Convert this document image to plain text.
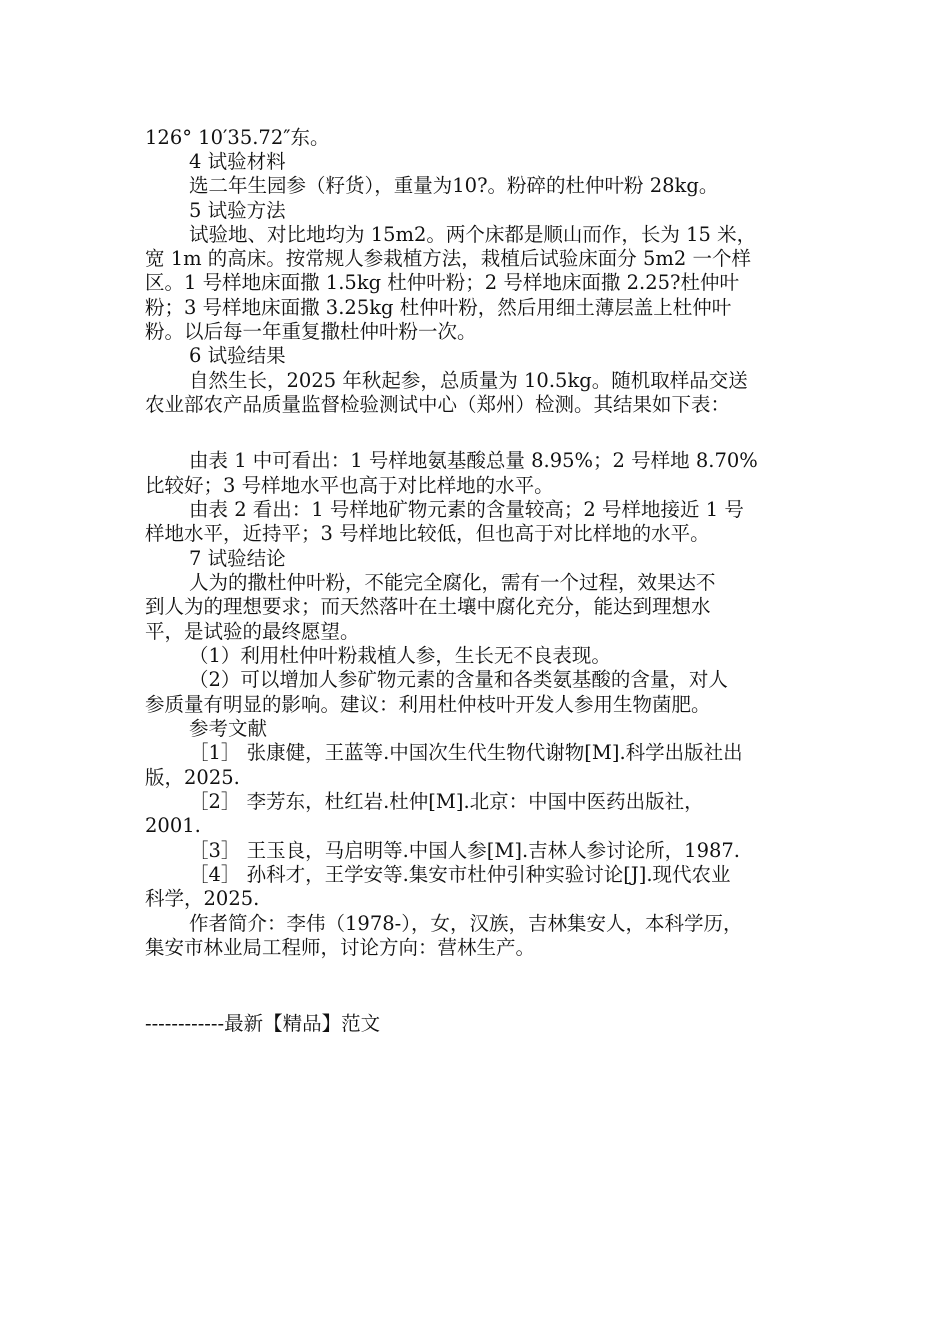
126° 10′35.72″东。
4 试验材料
选二年生园参（籽货），重量为10?。粉碎的杜仲叶粉 28kg。
5 试验方法
试验地、对比地均为 15m2。两个床都是顺山而作，长为 15 米，
宽 1m 的高床。按常规人参栽植方法，栽植后试验床面分 5m2 一个样
区。1 号样地床面撒 1.5kg 杜仲叶粉；2 号样地床面撒 2.25?杜仲叶
粉；3 号样地床面撒 3.25kg 杜仲叶粉，然后用细土薄层盖上杜仲叶
粉。以后每一年重复撒杜仲叶粉一次。
6 试验结果
自然生长，2025 年秋起参，总质量为 10.5kg。随机取样品交送
农业部农产品质量监督检验测试中心（郑州）检测。其结果如下表：
由表 1 中可看出：1 号样地氨基酸总量 8.95%；2 号样地 8.70%
比较好；3 号样地水平也高于对比样地的水平。
由表 2 看出：1 号样地矿物元素的含量较高；2 号样地接近 1 号
样地水平，近持平；3 号样地比较低，但也高于对比样地的水平。
7 试验结论
人为的撒杜仲叶粉，不能完全腐化，需有一个过程，效果达不
到人为的理想要求；而天然落叶在土壤中腐化充分，能达到理想水
平，是试验的最终愿望。
（1）利用杜仲叶粉栽植人参，生长无不良表现。
（2）可以增加人参矿物元素的含量和各类氨基酸的含量，对人
参质量有明显的影响。建议：利用杜仲枝叶开发人参用生物菌肥。
参考文献
［1］ 张康健，王蓝等.中国次生代生物代谢物[M].科学出版社出
版，2025.
［2］ 李芳东，杜红岩.杜仲[M].北京：中国中医药出版社，
2001.
［3］ 王玉良，马启明等.中国人参[M].吉林人参讨论所，1987.
［4］ 孙科才，王学安等.集安市杜仲引种实验讨论[J].现代农业
科学，2025.
作者简介：李伟（1978-），女，汉族，吉林集安人，本科学历，
集安市林业局工程师，讨论方向：营林生产。
------------最新【精品】范文
